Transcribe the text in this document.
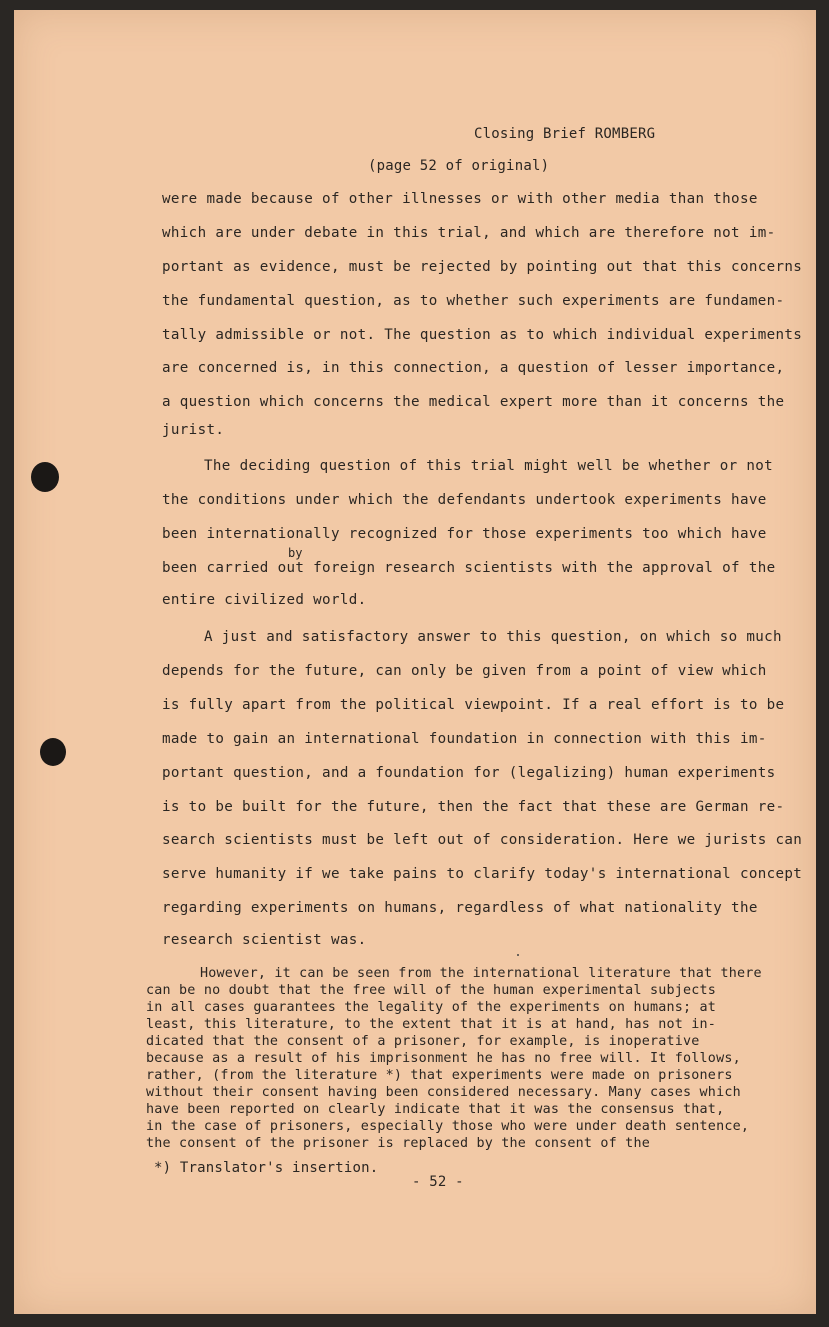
Closing Brief ROMBERG
(page 52 of original)
were made because of other illnesses or with other media than those
which are under debate in this trial, and which are therefore not im-
portant as evidence, must be rejected by pointing out that this concerns
the fundamental question, as to whether such experiments are fundamen-
tally admissible or not. The question as to which individual experiments
are concerned is, in this connection, a question of lesser importance,
a question which concerns the medical expert more than it concerns the
jurist.
The deciding question of this trial might well be whether or not
the conditions under which the defendants undertook experiments have
been internationally recognized for those experiments too which have
by
been carried out foreign research scientists with the approval of the
entire civilized world.
A just and satisfactory answer to this question, on which so much
depends for the future, can only be given from a point of view which
is fully apart from the political viewpoint. If a real effort is to be
made to gain an international foundation in connection with this im-
portant question, and a foundation for (legalizing) human experiments
is to be built for the future, then the fact that these are German re-
search scientists must be left out of consideration. Here we jurists can
serve humanity if we take pains to clarify today's international concept
regarding experiments on humans, regardless of what nationality the
research scientist was.
However, it can be seen from the international literature that there
can be no doubt that the free will of the human experimental subjects
in all cases guarantees the legality of the experiments on humans; at
least, this literature, to the extent that it is at hand, has not in-
dicated that the consent of a prisoner, for example, is inoperative
because as a result of his imprisonment he has no free will. It follows,
rather, (from the literature *) that experiments were made on prisoners
without their consent having been considered necessary. Many cases which
have been reported on clearly indicate that it was the consensus that,
in the case of prisoners, especially those who were under death sentence,
the consent of the prisoner is replaced by the consent of the
*) Translator's insertion.
- 52 -
